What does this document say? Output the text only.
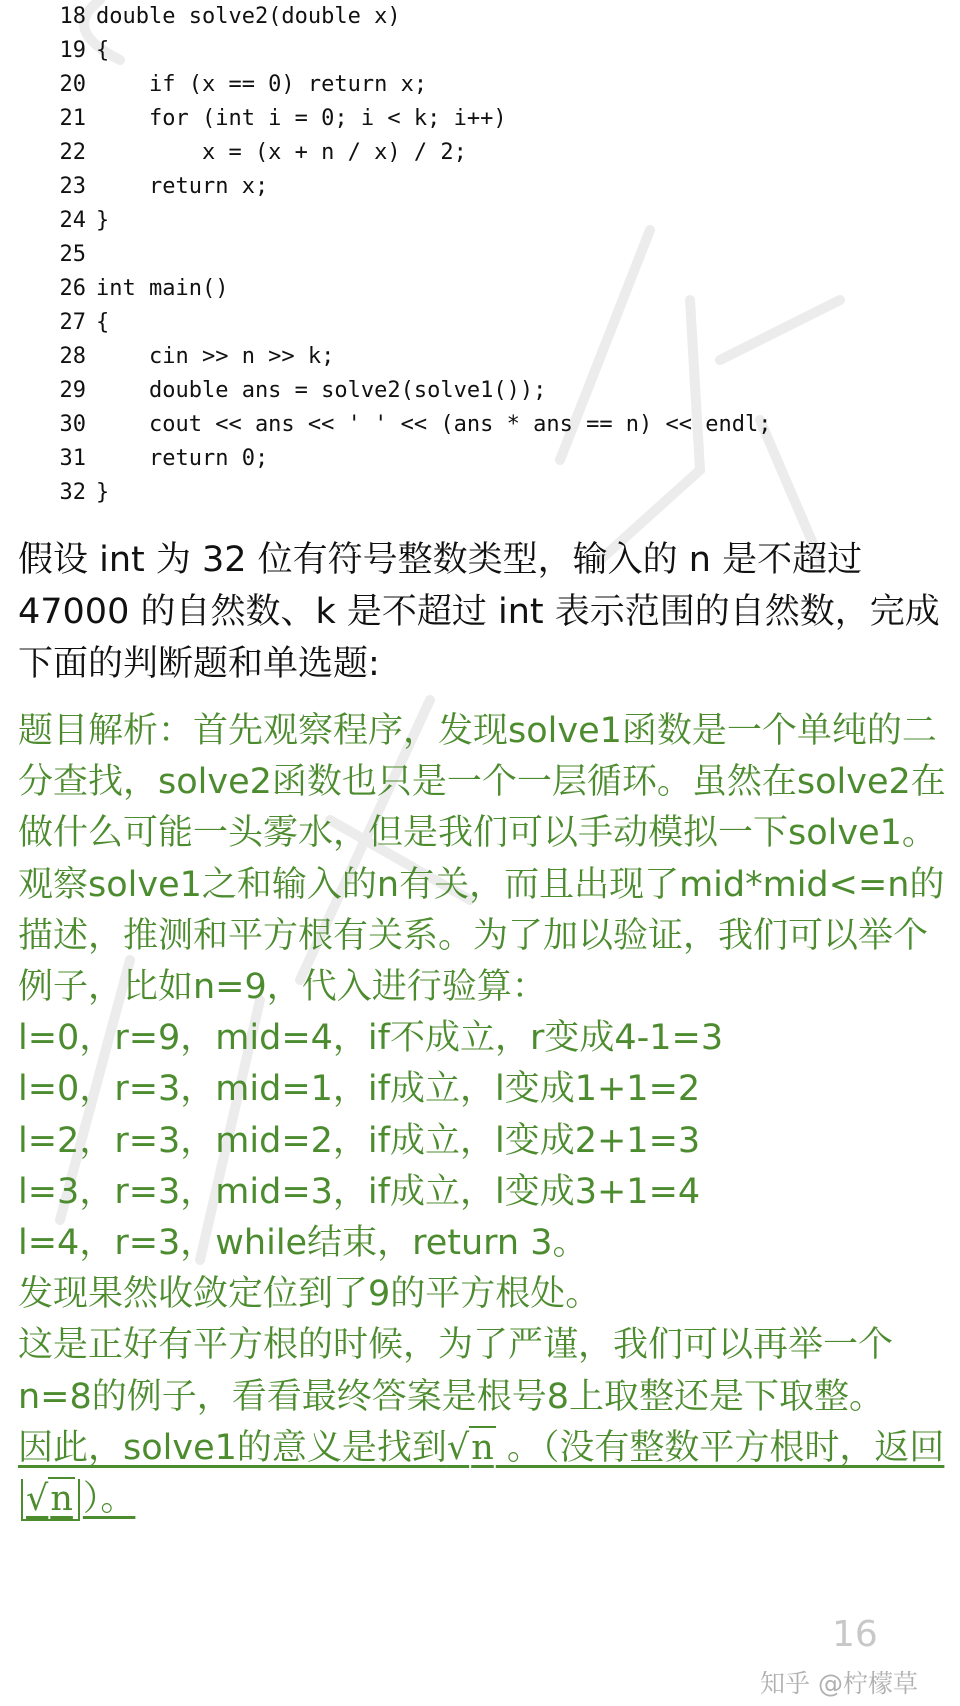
18 double solve2(double x)
19 {
20    if (x == 0) return x;
21    for (int i = 0; i < k; i++)
22        x = (x + n / x) / 2;
23    return x;
24 }
25
26 int main()
27 {
28    cin >> n >> k;
29    double ans = solve2(solve1());
30    cout << ans << ' ' << (ans * ans == n) << endl;
31    return 0;
32 }
假设 int 为 32 位有符号整数类型，输入的 n 是不超过 47000 的自然数、k 是不超过 int 表示范围的自然数，完成下面的判断题和单选题:

题目解析：首先观察程序，发现solve1函数是一个单纯的二分查找，solve2函数也只是一个一层循环。虽然在solve2在做什么可能一头雾水，但是我们可以手动模拟一下solve1。

观察solve1之和输入的n有关，而且出现了mid*mid<=n的描述，推测和平方根有关系。为了加以验证，我们可以举个例子，比如n=9，代入进行验算：

l=0，r=9，mid=4，if不成立，r变成4-1=3

l=0，r=3，mid=1，if成立，l变成1+1=2

l=2，r=3，mid=2，if成立，l变成2+1=3

l=3，r=3，mid=3，if成立，l变成3+1=4

l=4，r=3，while结束，return 3。

发现果然收敛定位到了9的平方根处。

这是正好有平方根的时候，为了严谨，我们可以再举一个n=8的例子，看看最终答案是根号8上取整还是下取整。

因此，solve1的意义是找到√n 。（没有整数平方根时，返回√n ）。

16
知乎 @柠檬草
